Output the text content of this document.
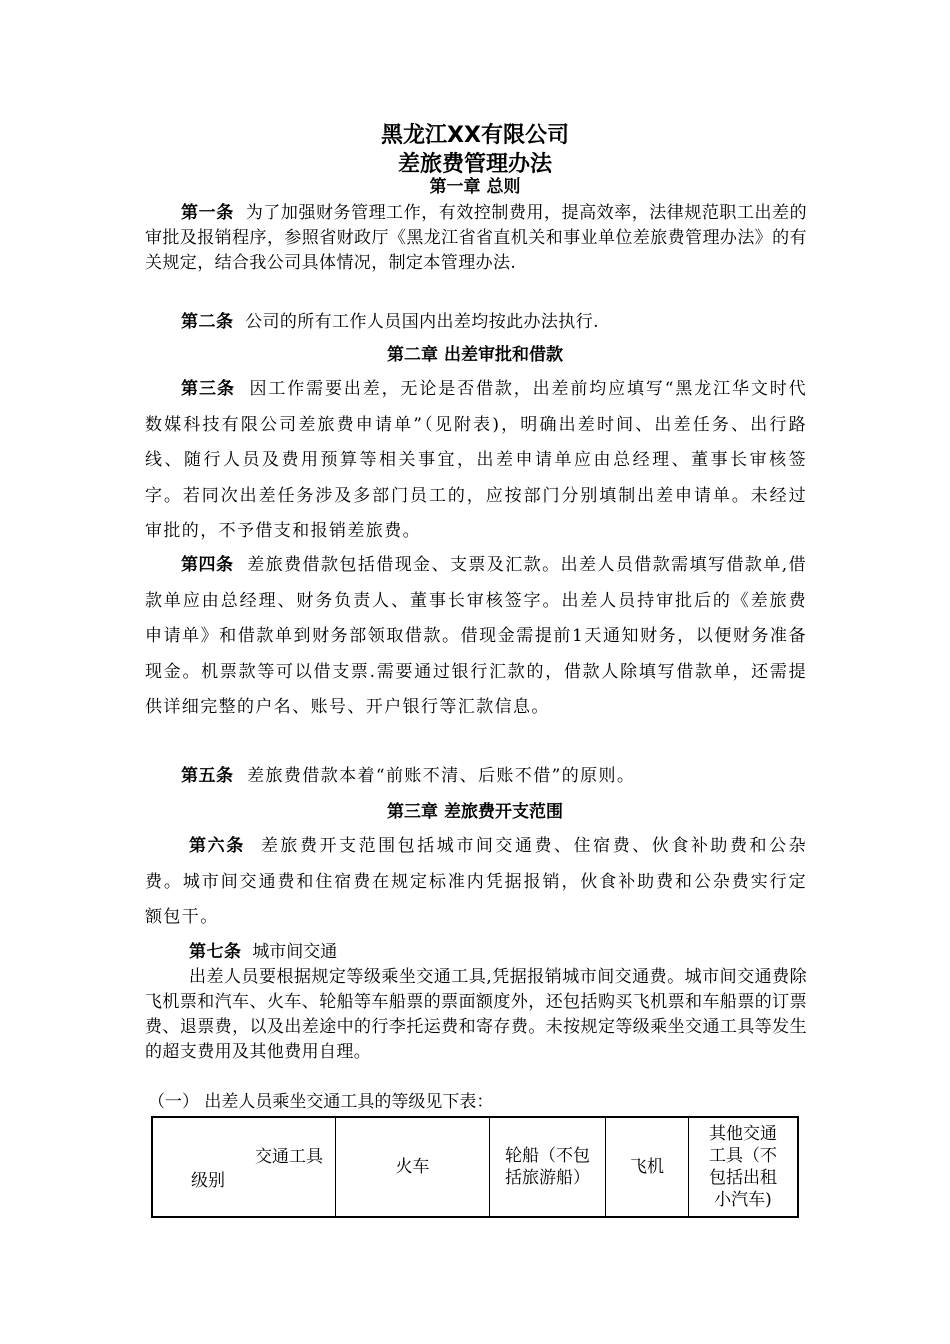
黑龙江XX有限公司
差旅费管理办法
第一章 总则
第一条 为了加强财务管理工作，有效控制费用，提高效率，法律规范职工出差的审批及报销程序，参照省财政厅《黑龙江省省直机关和事业单位差旅费管理办法》的有关规定，结合我公司具体情况，制定本管理办法.
第二条 公司的所有工作人员国内出差均按此办法执行.
第二章 出差审批和借款
第三条 因工作需要出差，无论是否借款，出差前均应填写“黑龙江华文时代数媒科技有限公司差旅费申请单”（见附表)，明确出差时间、出差任务、出行路线、随行人员及费用预算等相关事宜，出差申请单应由总经理、董事长审核签字。若同次出差任务涉及多部门员工的，应按部门分别填制出差申请单。未经过审批的，不予借支和报销差旅费。
第四条 差旅费借款包括借现金、支票及汇款。出差人员借款需填写借款单,借款单应由总经理、财务负责人、董事长审核签字。出差人员持审批后的《差旅费申请单》和借款单到财务部领取借款。借现金需提前1天通知财务，以便财务准备现金。机票款等可以借支票.需要通过银行汇款的，借款人除填写借款单，还需提供详细完整的户名、账号、开户银行等汇款信息。
第五条 差旅费借款本着“前账不清、后账不借”的原则。
第三章 差旅费开支范围
第六条 差旅费开支范围包括城市间交通费、住宿费、伙食补助费和公杂费。城市间交通费和住宿费在规定标准内凭据报销，伙食补助费和公杂费实行定额包干。
第七条 城市间交通
出差人员要根据规定等级乘坐交通工具,凭据报销城市间交通费。城市间交通费除飞机票和汽车、火车、轮船等车船票的票面额度外，还包括购买飞机票和车船票的订票费、退票费，以及出差途中的行李托运费和寄存费。未按规定等级乘坐交通工具等发生的超支费用及其他费用自理。
（一） 出差人员乘坐交通工具的等级见下表：
交通工具
级别
	火车	轮船（不包括旅游船）	飞机	其他交通工具（不包括出租小汽车)
